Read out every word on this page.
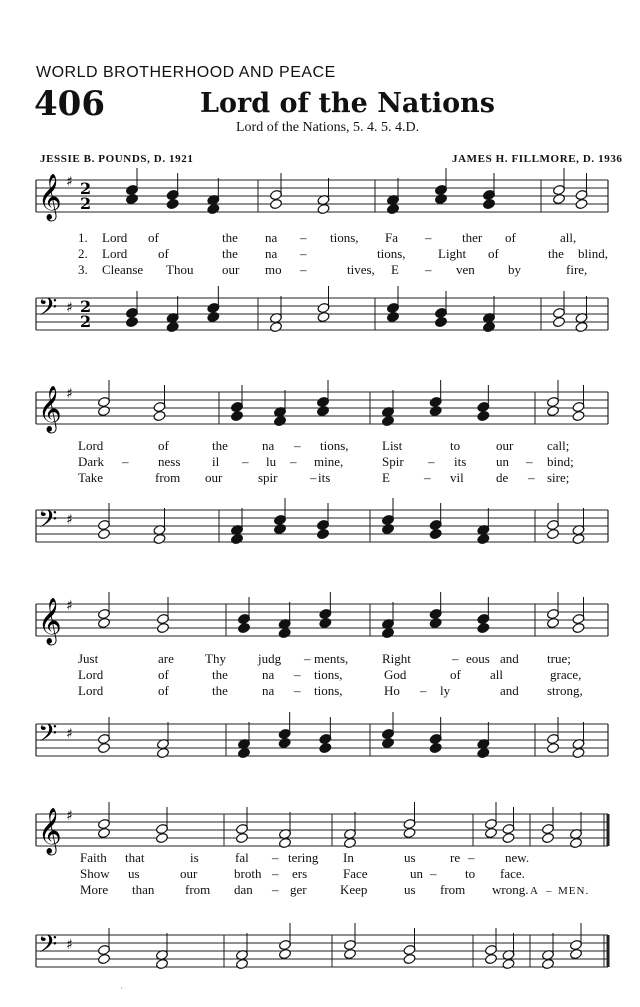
WORLD BROTHERHOOD AND PEACE
406	Lord of the Nations
Lord of the Nations, 5. 4. 5. 4.D.
JESSIE B. POUNDS, D. 1921	JAMES H. FILLMORE, D. 1936
𝄞 ♯ 2
2
𝄢 ♯ 2
2
𝄞 ♯
𝄢 ♯
𝄞 ♯
𝄢 ♯
𝄞 ♯
𝄢 ♯
1. Lord of	the na – tions, Fa – ther of	all,
2. Lord of	the na –	tions, Light of	the blind,
3. Cleanse Thou our mo –	tives, E – ven	by	fire,
Lord	of	the	na – tions,	List	to	our	call;
Dark – ness il – lu – mine,	Spir – its un – bind;
Take	from our	spir	– its	E	– vil de – sire;
Just	are Thy judg – ments,	Right	– eous and true;
Lord	of	the	na – tions,	God	of all	grace,
Lord	of	the	na – tions,	Ho – ly	and strong,
Faith that	is	fal – tering In	us	re – new.
Show us	our	broth – ers	Face	un – to face.
More than from dan – ger	Keep	us from wrong. A – MEN.
·
